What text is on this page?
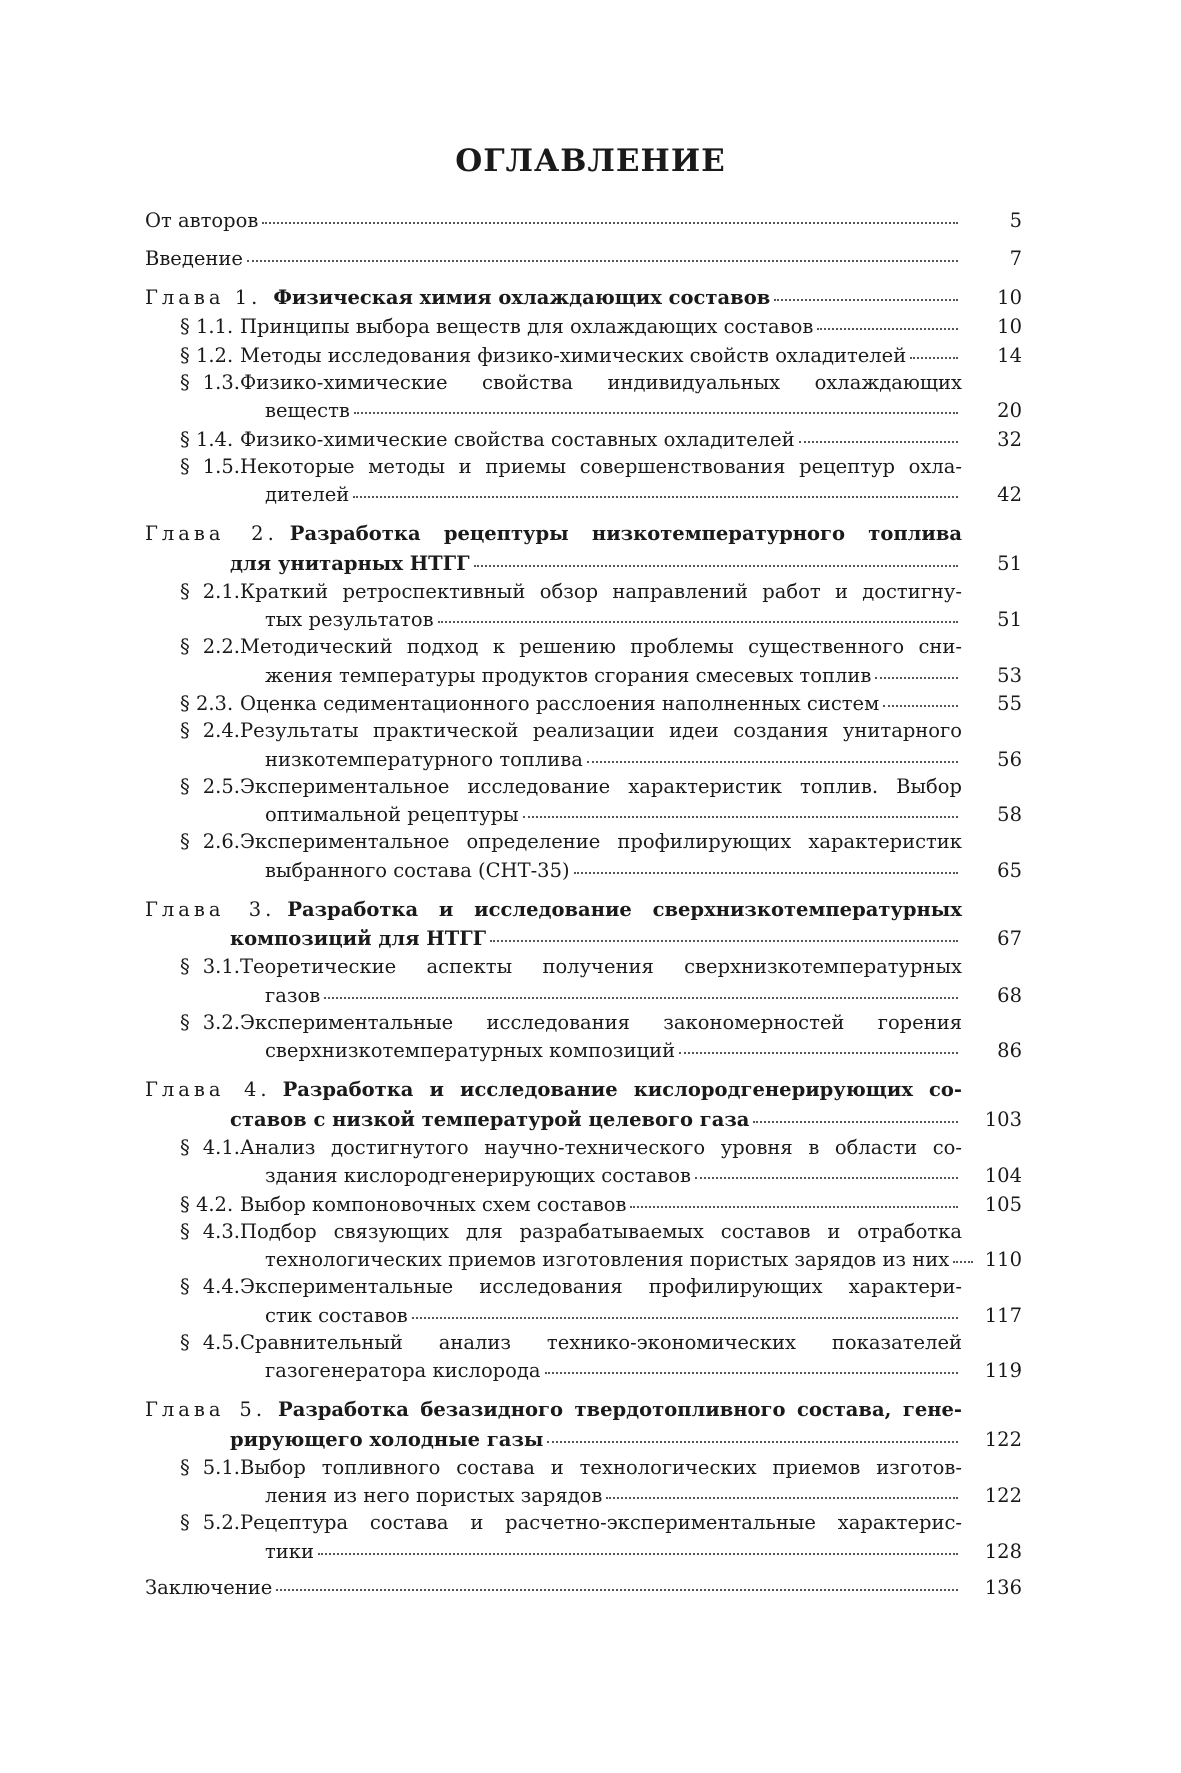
ОГЛАВЛЕНИЕ
От авторов	5
Введение	7
Глава 1. Физическая химия охлаждающих составов	10
§ 1.1. Принципы выбора веществ для охлаждающих составов	10
§ 1.2. Методы исследования физико-химических свойств охладителей	14
§ 1.3.Физико-химические свойства индивидуальных охлаждающих
веществ	20
§ 1.4. Физико-химические свойства составных охладителей	32
§ 1.5.Некоторые методы и приемы совершенствования рецептур охла-
дителей	42
Глава 2. Разработка рецептуры низкотемпературного топлива
для унитарных НТГГ	51
§ 2.1.Краткий ретроспективный обзор направлений работ и достигну-
тых результатов	51
§ 2.2.Методический подход к решению проблемы существенного сни-
жения температуры продуктов сгорания смесевых топлив	53
§ 2.3. Оценка седиментационного расслоения наполненных систем	55
§ 2.4.Результаты практической реализации идеи создания унитарного
низкотемпературного топлива	56
§ 2.5.Экспериментальное исследование характеристик топлив. Выбор
оптимальной рецептуры	58
§ 2.6.Экспериментальное определение профилирующих характеристик
выбранного состава (СНТ-35)	65
Глава 3. Разработка и исследование сверхнизкотемпературных
композиций для НТГГ	67
§ 3.1.Теоретические аспекты получения сверхнизкотемпературных
газов	68
§ 3.2.Экспериментальные исследования закономерностей горения
сверхнизкотемпературных композиций	86
Глава 4. Разработка и исследование кислородгенерирующих со-
ставов с низкой температурой целевого газа	103
§ 4.1.Анализ достигнутого научно-технического уровня в области со-
здания кислородгенерирующих составов	104
§ 4.2. Выбор компоновочных схем составов	105
§ 4.3.Подбор связующих для разрабатываемых составов и отработка
технологических приемов изготовления пористых зарядов из них	110
§ 4.4.Экспериментальные исследования профилирующих характери-
стик составов	117
§ 4.5.Сравнительный анализ технико-экономических показателей
газогенератора кислорода	119
Глава 5. Разработка безазидного твердотопливного состава, гене-
рирующего холодные газы	122
§ 5.1.Выбор топливного состава и технологических приемов изготов-
ления из него пористых зарядов	122
§ 5.2.Рецептура состава и расчетно-экспериментальные характерис-
тики	128
Заключение	136
